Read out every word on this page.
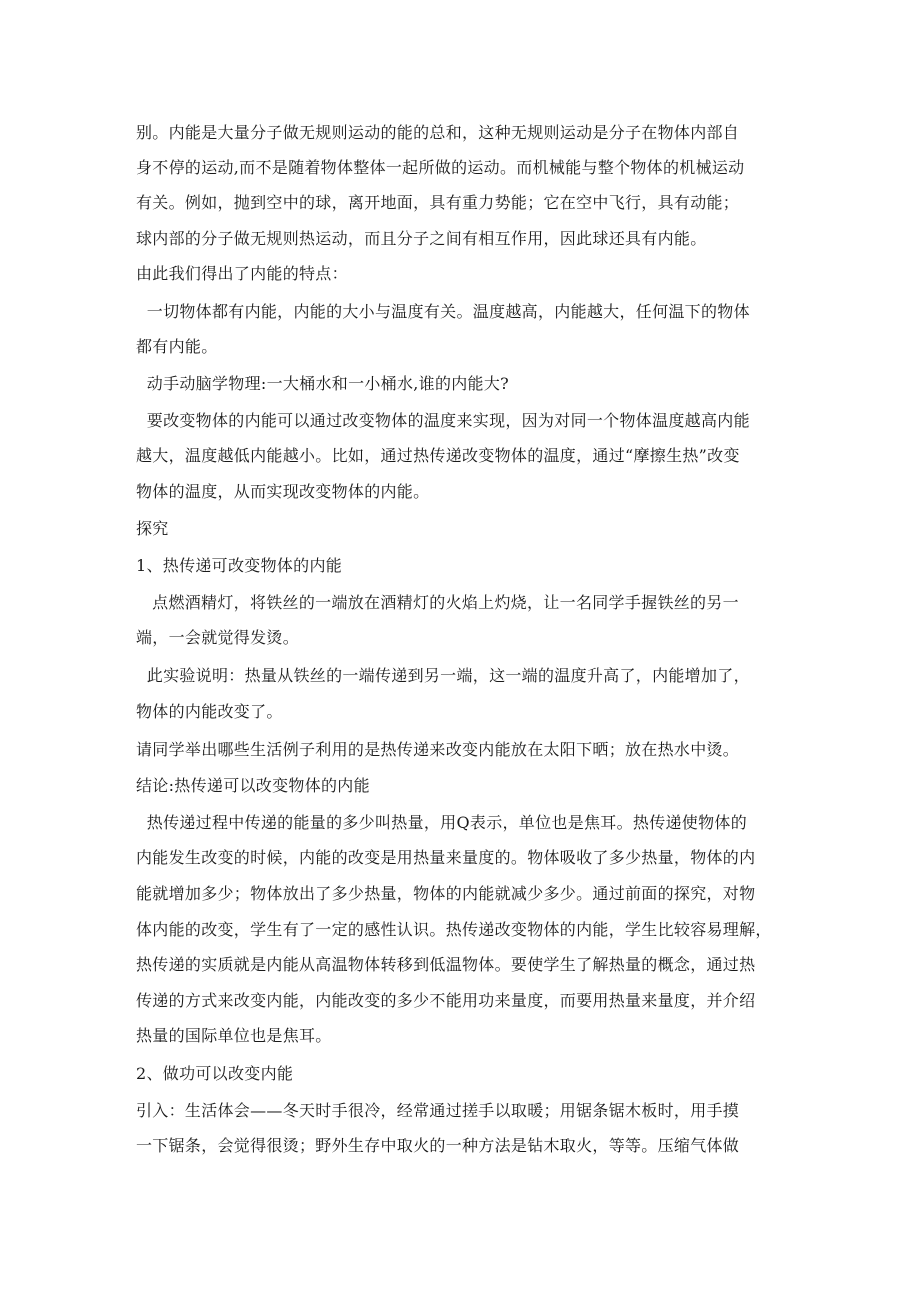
别。内能是大量分子做无规则运动的能的总和，这种无规则运动是分子在物体内部自
身不停的运动,而不是随着物体整体一起所做的运动。而机械能与整个物体的机械运动
有关。例如，抛到空中的球，离开地面，具有重力势能；它在空中飞行，具有动能；
球内部的分子做无规则热运动，而且分子之间有相互作用，因此球还具有内能。
由此我们得出了内能的特点：
一切物体都有内能，内能的大小与温度有关。温度越高，内能越大，任何温下的物体
都有内能。
动手动脑学物理:一大桶水和一小桶水,谁的内能大?
要改变物体的内能可以通过改变物体的温度来实现，因为对同一个物体温度越高内能
越大，温度越低内能越小。比如，通过热传递改变物体的温度，通过“摩擦生热”改变
物体的温度，从而实现改变物体的内能。
探究
1、热传递可改变物体的内能
点燃酒精灯，将铁丝的一端放在酒精灯的火焰上灼烧，让一名同学手握铁丝的另一
端，一会就觉得发烫。
此实验说明：热量从铁丝的一端传递到另一端，这一端的温度升高了，内能增加了，
物体的内能改变了。
请同学举出哪些生活例子利用的是热传递来改变内能放在太阳下晒；放在热水中烫。
结论:热传递可以改变物体的内能
热传递过程中传递的能量的多少叫热量，用Q表示，单位也是焦耳。热传递使物体的
内能发生改变的时候，内能的改变是用热量来量度的。物体吸收了多少热量，物体的内
能就增加多少；物体放出了多少热量，物体的内能就减少多少。通过前面的探究，对物
体内能的改变，学生有了一定的感性认识。热传递改变物体的内能，学生比较容易理解，
热传递的实质就是内能从高温物体转移到低温物体。要使学生了解热量的概念，通过热
传递的方式来改变内能，内能改变的多少不能用功来量度，而要用热量来量度，并介绍
热量的国际单位也是焦耳。
2、做功可以改变内能
引入：生活体会——冬天时手很冷，经常通过搓手以取暖；用锯条锯木板时，用手摸
一下锯条，会觉得很烫；野外生存中取火的一种方法是钻木取火，等等。压缩气体做
